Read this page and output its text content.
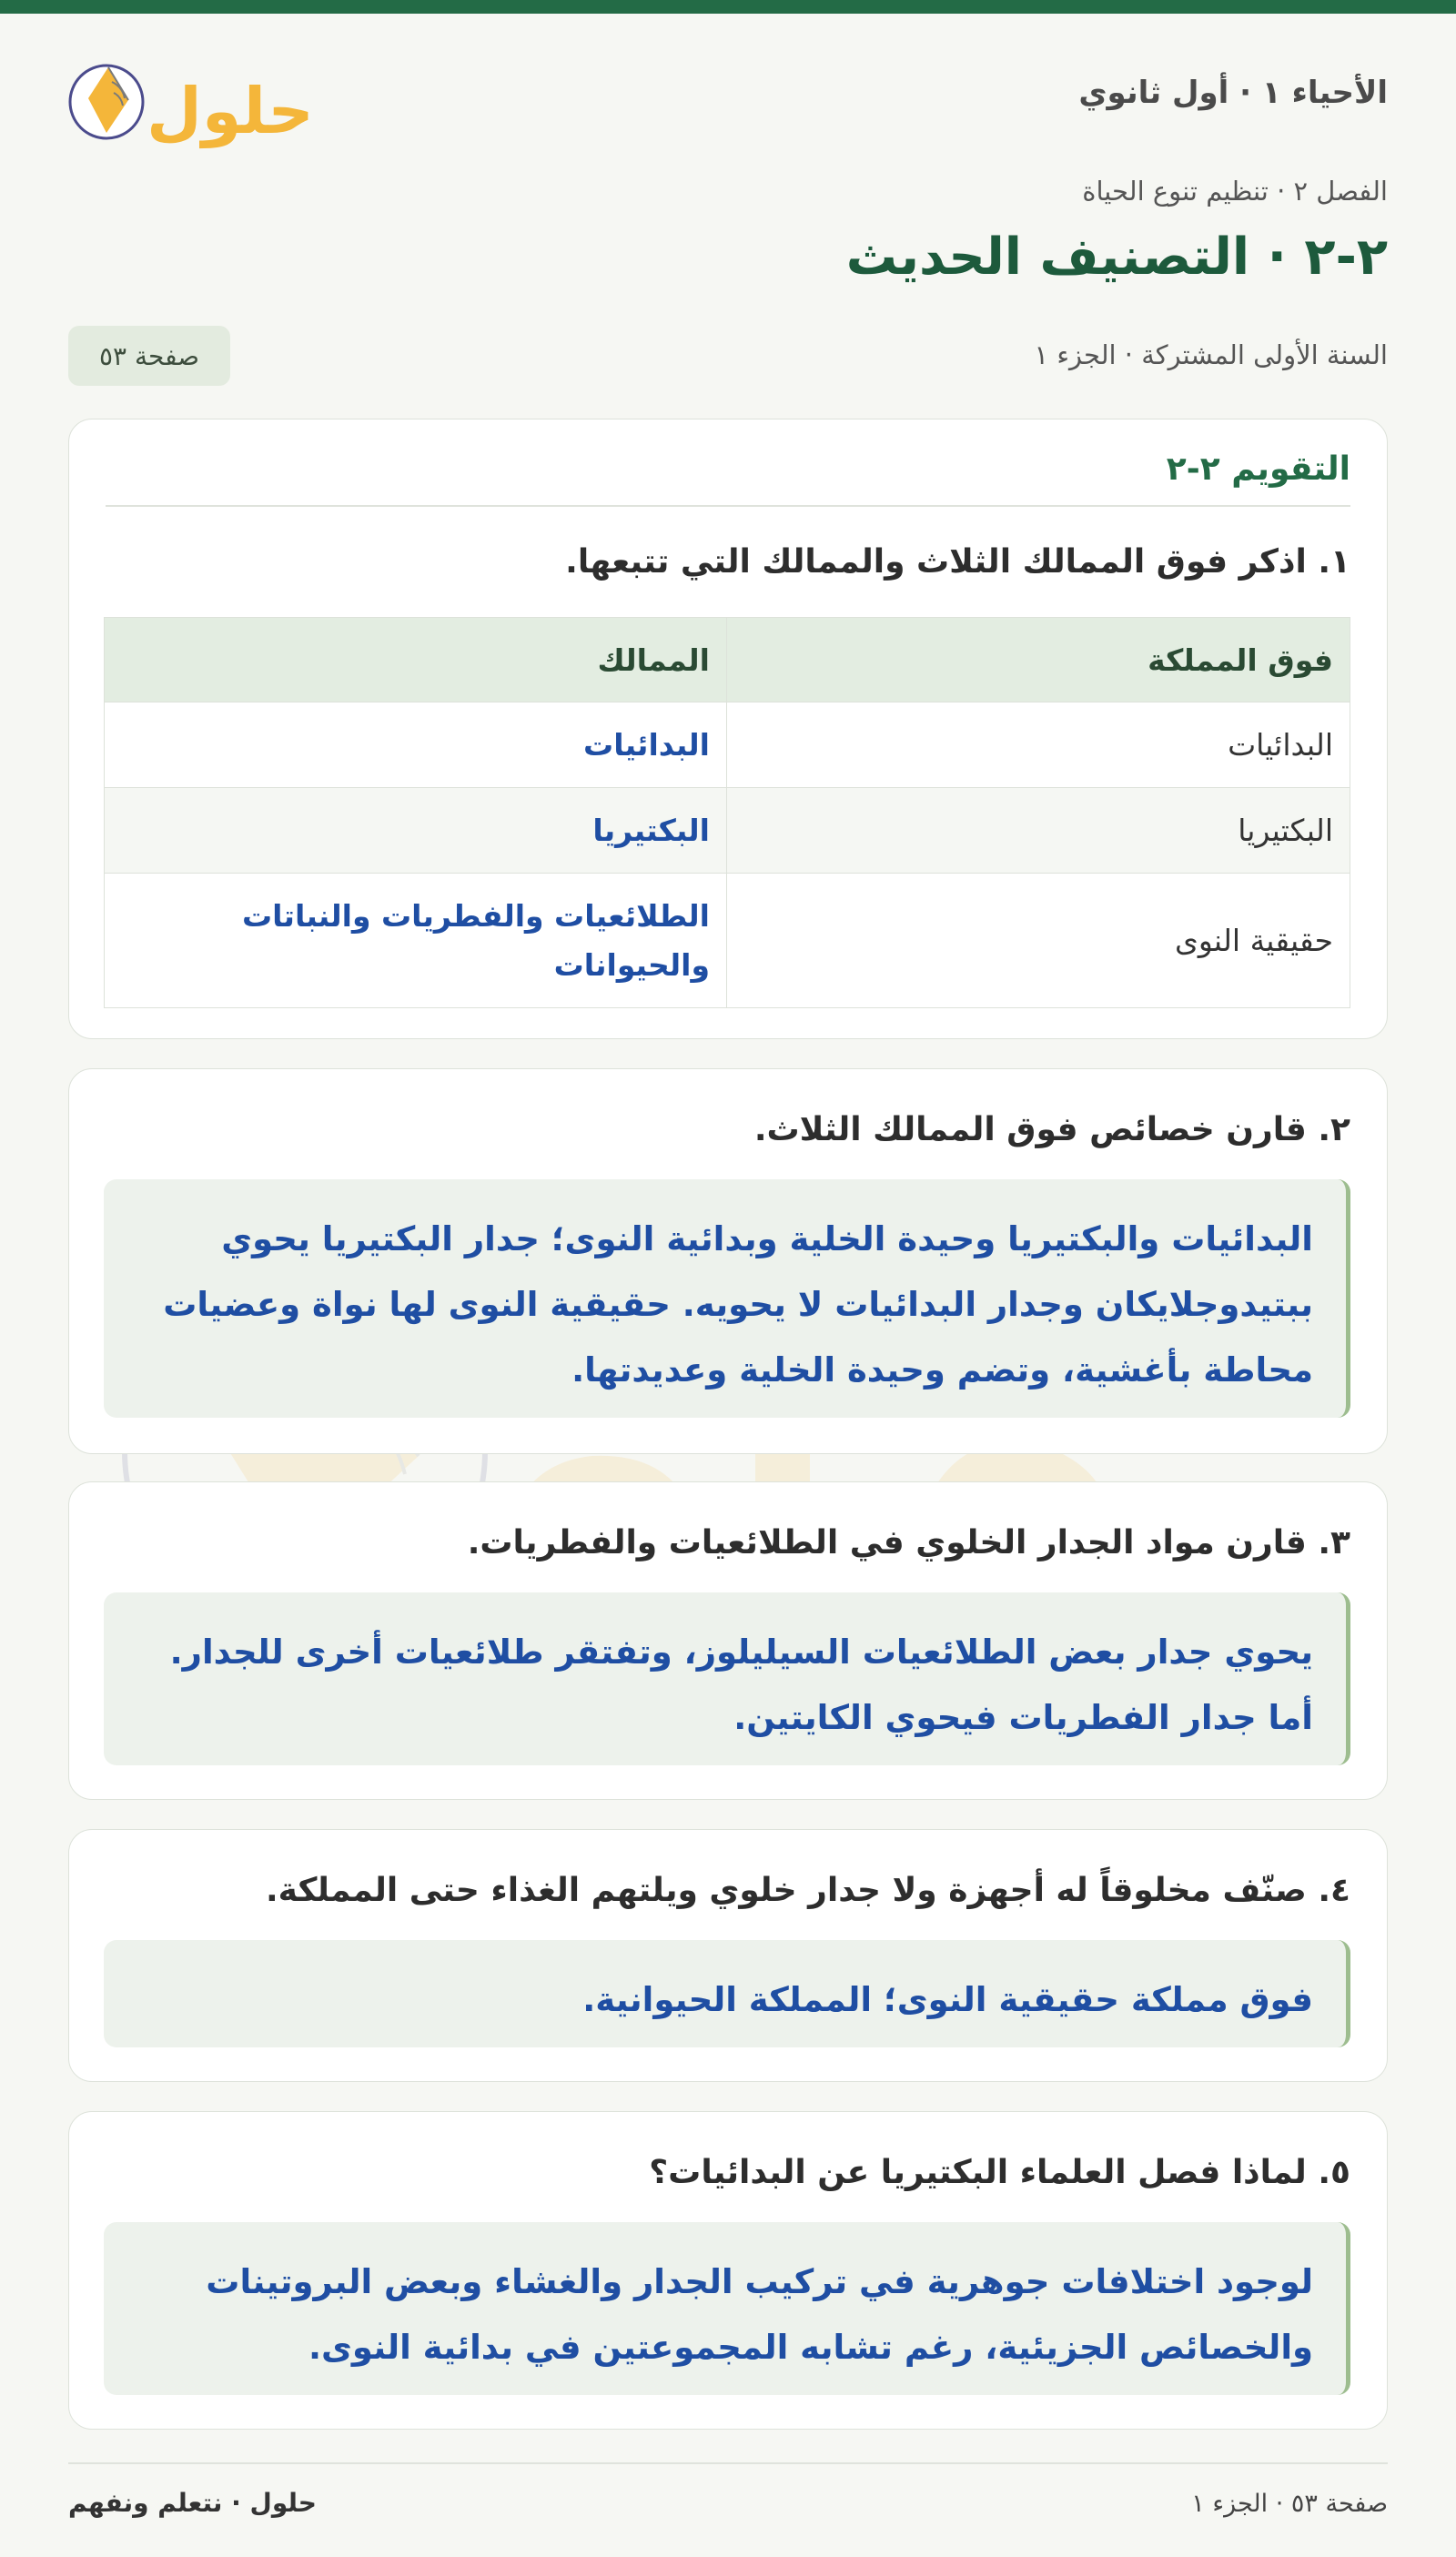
الأحياء ١ · أول ثانوي
حلول
الفصل ٢ · تنظيم تنوع الحياة
٢-٢ · التصنيف الحديث
السنة الأولى المشتركة · الجزء ١
صفحة ٥٣
التقويم ٢-٢
١. اذكر فوق الممالك الثلاث والممالك التي تتبعها.
فوق المملكة	الممالك
البدائيات	البدائيات
البكتيريا	البكتيريا
حقيقية النوى	الطلائعيات والفطريات والنباتات والحيوانات
٢. قارن خصائص فوق الممالك الثلاث.
البدائيات والبكتيريا وحيدة الخلية وبدائية النوى؛ جدار البكتيريا يحوي ببتيدوجلايكان وجدار البدائيات لا يحويه. حقيقية النوى لها نواة وعضيات محاطة بأغشية، وتضم وحيدة الخلية وعديدتها.
٣. قارن مواد الجدار الخلوي في الطلائعيات والفطريات.
يحوي جدار بعض الطلائعيات السيليلوز، وتفتقر طلائعيات أخرى للجدار. أما جدار الفطريات فيحوي الكايتين.
٤. صنّف مخلوقاً له أجهزة ولا جدار خلوي ويلتهم الغذاء حتى المملكة.
فوق مملكة حقيقية النوى؛ المملكة الحيوانية.
٥. لماذا فصل العلماء البكتيريا عن البدائيات؟
لوجود اختلافات جوهرية في تركيب الجدار والغشاء وبعض البروتينات والخصائص الجزيئية، رغم تشابه المجموعتين في بدائية النوى.
صفحة ٥٣ · الجزء ١
حلول · نتعلم ونفهم
